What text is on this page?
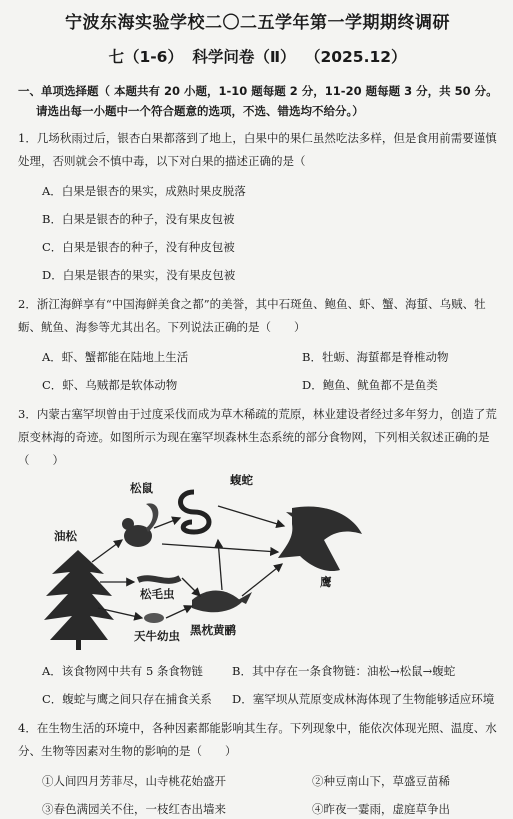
宁波东海实验学校二〇二五学年第一学期期终调研
七（1-6） 科学问卷（Ⅱ） （2025.12）
一、单项选择题（ 本题共有 20 小题，1-10 题每题 2 分，11-20 题每题 3 分，共 50 分。请选出每一小题中一个符合题意的选项，不选、错选均不给分。）
1．几场秋雨过后，银杏白果都落到了地上，白果中的果仁虽然吃法多样，但是食用前需要谨慎处理，否则就会不慎中毒，以下对白果的描述正确的是（
A．白果是银杏的果实，成熟时果皮脱落
B．白果是银杏的种子，没有果皮包被
C．白果是银杏的种子，没有种皮包被
D．白果是银杏的果实，没有果皮包被
2．浙江海鲜享有“中国海鲜美食之都”的美誉，其中石斑鱼、鲍鱼、虾、蟹、海蜇、乌贼、牡蛎、鱿鱼、海参等尤其出名。下列说法正确的是（　　）
A．虾、蟹都能在陆地上生活	B．牡蛎、海蜇都是脊椎动物
C．虾、乌贼都是软体动物	D．鲍鱼、鱿鱼都不是鱼类
3．内蒙古塞罕坝曾由于过度采伐而成为草木稀疏的荒原，林业建设者经过多年努力，创造了荒原变林海的奇迹。如图所示为现在塞罕坝森林生态系统的部分食物网，下列相关叙述正确的是　（　　）
松鼠
蝮蛇
油松
鹰
松毛虫
天牛幼虫 黑枕黄鹂
A．该食物网中共有 5 条食物链	B．其中存在一条食物链：油松→松鼠→蝮蛇
C．蝮蛇与鹰之间只存在捕食关系	D．塞罕坝从荒原变成林海体现了生物能够适应环境
4．在生物生活的环境中，各种因素都能影响其生存。下列现象中，能依次体现光照、温度、水分、生物等因素对生物的影响的是（　　）
①人间四月芳菲尽，山寺桃花始盛开	②种豆南山下，草盛豆苗稀
③春色满园关不住，一枝红杏出墙来	④昨夜一霎雨，虚庭草争出
